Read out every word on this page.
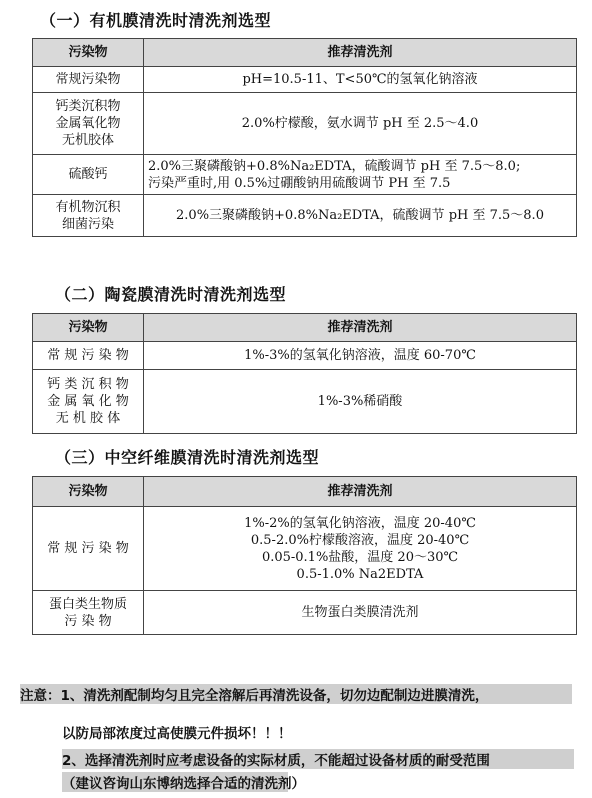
（一）有机膜清洗时清洗剂选型
污染物	推荐清洗剂

常规污染物	pH=10.5-11、T<50℃的氢氧化钠溶液

钙类沉积物
金属氧化物
无机胶体	2.0%柠檬酸，氨水调节 pH 至 2.5～4.0

硫酸钙	2.0%三聚磷酸钠+0.8%Na₂EDTA，硫酸调节 pH 至 7.5～8.0;
污染严重时,用 0.5%过硼酸钠用硫酸调节 PH 至 7.5

有机物沉积
细菌污染	2.0%三聚磷酸钠+0.8%Na₂EDTA，硫酸调节 pH 至 7.5～8.0
（二）陶瓷膜清洗时清洗剂选型
污染物	推荐清洗剂

常 规 污 染 物	1%-3%的氢氧化钠溶液，温度 60-70℃

钙 类 沉 积 物
金 属 氧 化 物
无 机 胶 体	1%-3%稀硝酸
（三）中空纤维膜清洗时清洗剂选型
污染物	推荐清洗剂

常 规 污 染 物	1%-2%的氢氧化钠溶液，温度 20-40℃
0.5-2.0%柠檬酸溶液，温度 20-40℃
0.05-0.1%盐酸，温度 20～30℃
0.5-1.0% Na2EDTA

蛋白类生物质
污 染 物	生物蛋白类膜清洗剂
注意：1、清洗剂配制均匀且完全溶解后再清洗设备，切勿边配制边进膜清洗，
以防局部浓度过高使膜元件损坏！！！
2、选择清洗剂时应考虑设备的实际材质，不能超过设备材质的耐受范围
（建议咨询山东博纳选择合适的清洗剂）
